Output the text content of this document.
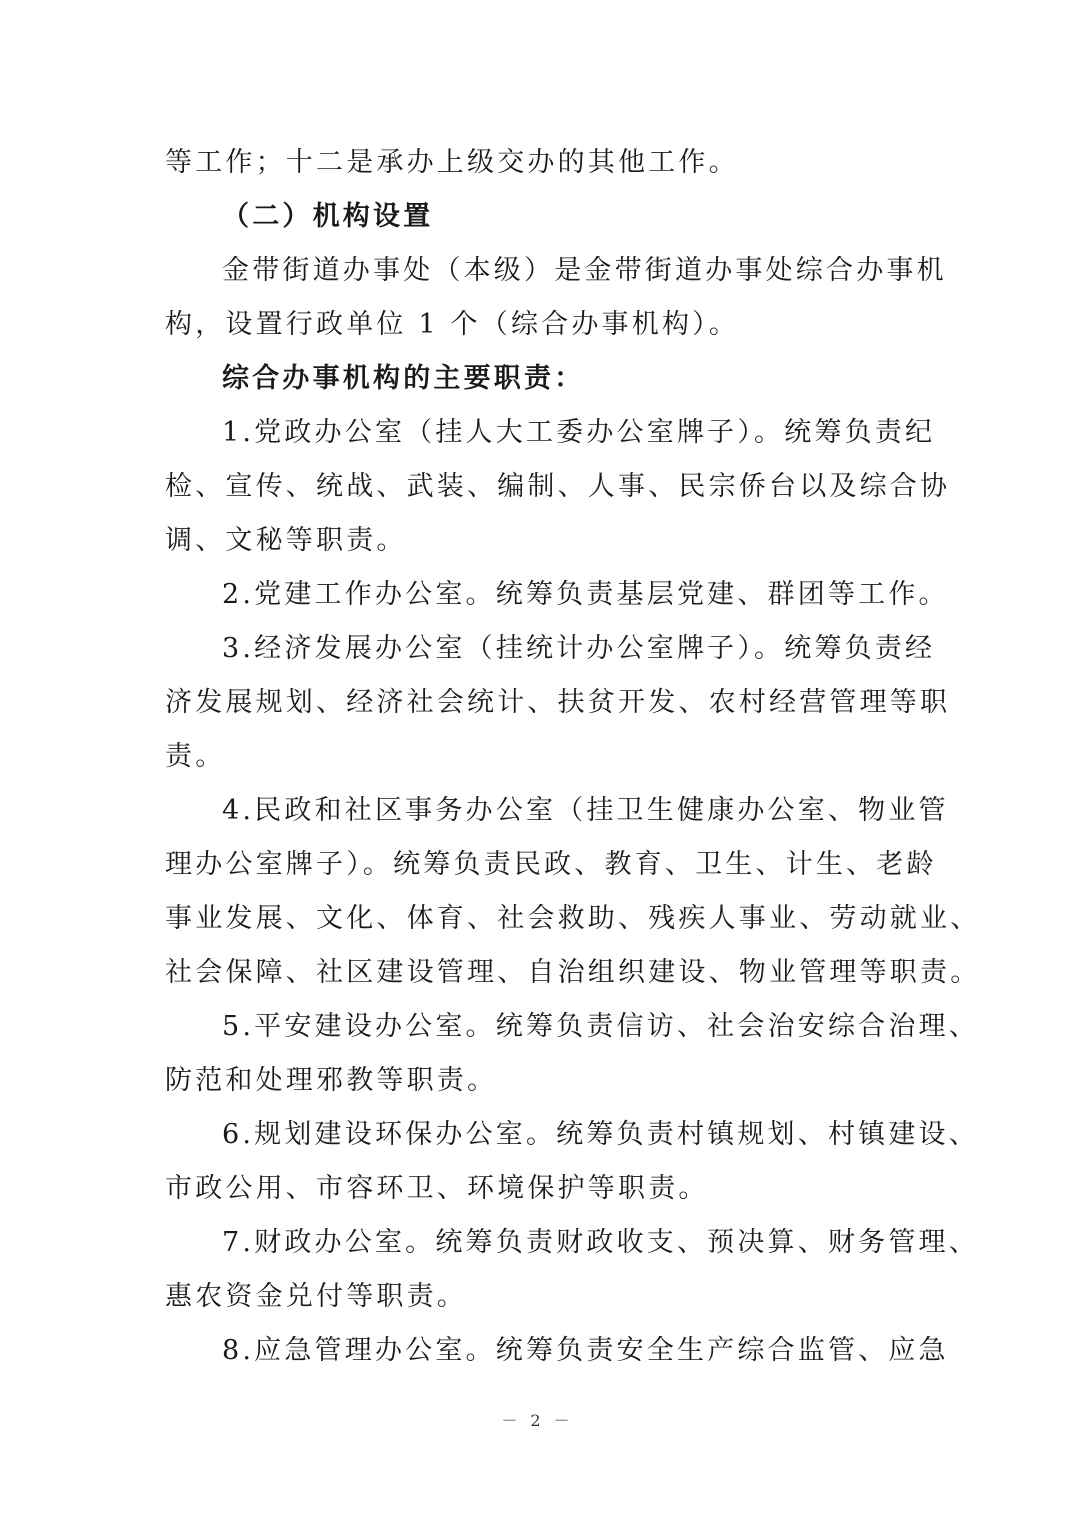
等工作；十二是承办上级交办的其他工作。
（二）机构设置
金带街道办事处（本级）是金带街道办事处综合办事机
构，设置行政单位 1 个（综合办事机构）。
综合办事机构的主要职责：
1.党政办公室（挂人大工委办公室牌子）。统筹负责纪
检、宣传、统战、武装、编制、人事、民宗侨台以及综合协
调、文秘等职责。
2.党建工作办公室。统筹负责基层党建、群团等工作。
3.经济发展办公室（挂统计办公室牌子）。统筹负责经
济发展规划、经济社会统计、扶贫开发、农村经营管理等职
责。
4.民政和社区事务办公室（挂卫生健康办公室、物业管
理办公室牌子）。统筹负责民政、教育、卫生、计生、老龄
事业发展、文化、体育、社会救助、残疾人事业、劳动就业、
社会保障、社区建设管理、自治组织建设、物业管理等职责。
5.平安建设办公室。统筹负责信访、社会治安综合治理、
防范和处理邪教等职责。
6.规划建设环保办公室。统筹负责村镇规划、村镇建设、
市政公用、市容环卫、环境保护等职责。
7.财政办公室。统筹负责财政收支、预决算、财务管理、
惠农资金兑付等职责。
8.应急管理办公室。统筹负责安全生产综合监管、应急
－ 2 －
